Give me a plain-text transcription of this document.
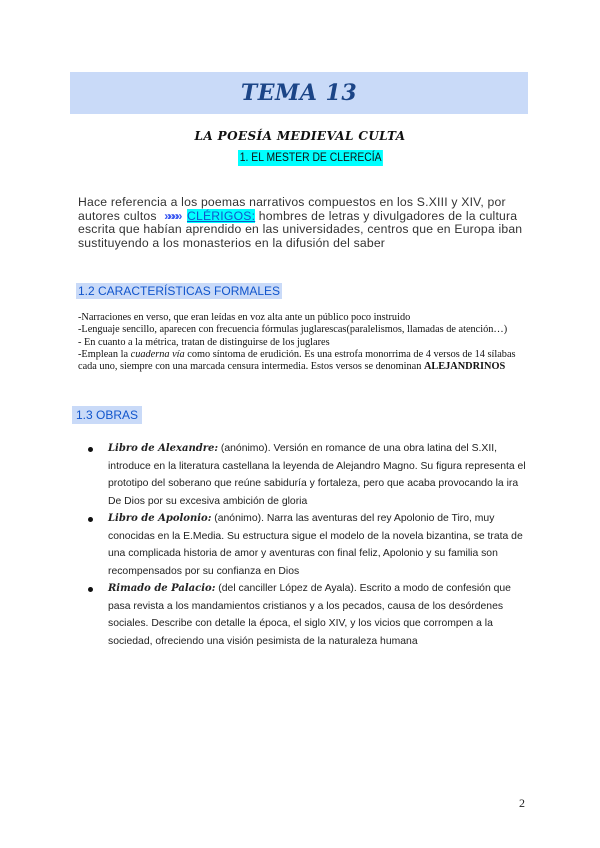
TEMA 13
LA POESÍA MEDIEVAL CULTA
1. EL MESTER DE CLERECÍA
Hace referencia a los poemas narrativos compuestos en los S.XIII y XIV, por autores cultos »»»» CLÉRIGOS: hombres de letras y divulgadores de la cultura escrita que habían aprendido en las universidades, centros que en Europa iban sustituyendo a los monasterios en la difusión del saber
1.2 CARACTERÍSTICAS FORMALES

-Narraciones en verso, que eran leídas en voz alta ante un público poco instruido

-Lenguaje sencillo, aparecen con frecuencia fórmulas juglarescas(paralelismos, llamadas de atención…)

- En cuanto a la métrica, tratan de distinguirse de los juglares

-Emplean la cuaderna vía como síntoma de erudición. Es una estrofa monorrima de 4 versos de 14 sílabas cada uno, siempre con una marcada censura intermedia. Estos versos se denominan ALEJANDRINOS

1.3 OBRAS
Libro de Alexandre: (anónimo). Versión en romance de una obra latina del S.XII, introduce en la literatura castellana la leyenda de Alejandro Magno. Su figura representa el prototipo del soberano que reúne sabiduría y fortaleza, pero que acaba provocando la ira De Dios por su excesiva ambición de gloria
Libro de Apolonio: (anónimo). Narra las aventuras del rey Apolonio de Tiro, muy conocidas en la E.Media. Su estructura sigue el modelo de la novela bizantina, se trata de una complicada historia de amor y aventuras con final feliz, Apolonio y su familia son recompensados por su confianza en Dios
Rimado de Palacio: (del canciller López de Ayala). Escrito a modo de confesión que pasa revista a los mandamientos cristianos y a los pecados, causa de los desórdenes sociales. Describe con detalle la época, el siglo XIV, y los vicios que corrompen a la sociedad, ofreciendo una visión pesimista de la naturaleza humana
2
